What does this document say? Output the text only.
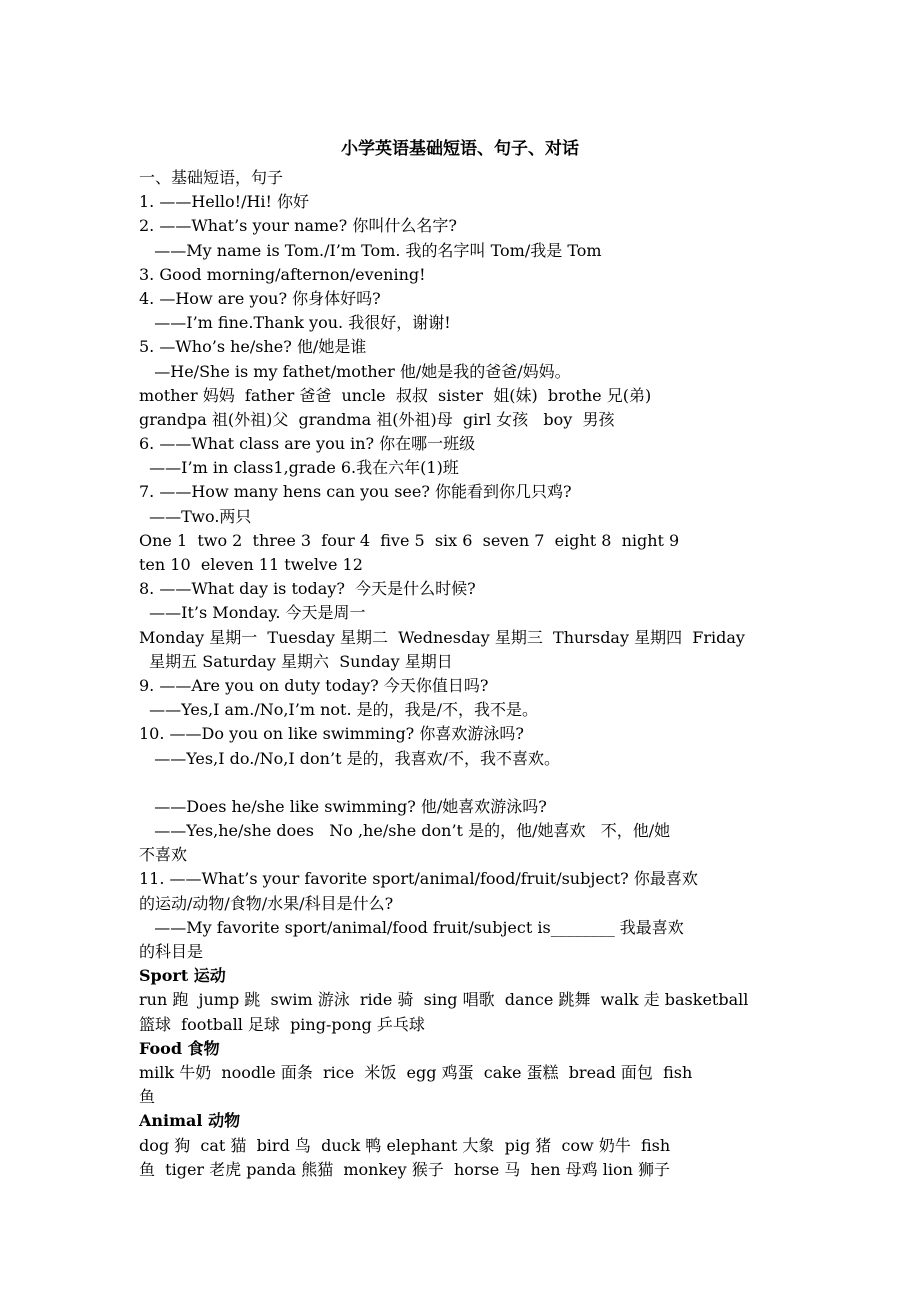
小学英语基础短语、句子、对话
一、基础短语，句子
1. ——Hello!/Hi! 你好
2. ——What’s your name? 你叫什么名字?
——My name is Tom./I’m Tom. 我的名字叫 Tom/我是 Tom
3. Good morning/afternon/evening!
4. —How are you? 你身体好吗?
——I’m fine.Thank you. 我很好，谢谢!
5. —Who’s he/she? 他/她是谁
—He/She is my fathet/mother 他/她是我的爸爸/妈妈。
mother 妈妈  father 爸爸  uncle  叔叔  sister  姐(妹)  brothe 兄(弟)
grandpa 祖(外祖)父  grandma 祖(外祖)母  girl 女孩   boy  男孩
6. ——What class are you in? 你在哪一班级
——I’m in class1,grade 6.我在六年(1)班
7. ——How many hens can you see? 你能看到你几只鸡?
——Two.两只
One 1  two 2  three 3  four 4  five 5  six 6  seven 7  eight 8  night 9
ten 10  eleven 11 twelve 12
8. ——What day is today?  今天是什么时候?
——It’s Monday. 今天是周一
Monday 星期一  Tuesday 星期二  Wednesday 星期三  Thursday 星期四  Friday
星期五 Saturday 星期六  Sunday 星期日
9. ——Are you on duty today? 今天你值日吗?
——Yes,I am./No,I’m not. 是的，我是/不，我不是。
10. ——Do you on like swimming? 你喜欢游泳吗?
——Yes,I do./No,I don’t 是的，我喜欢/不，我不喜欢。
——Does he/she like swimming? 他/她喜欢游泳吗?
——Yes,he/she does   No ,he/she don’t 是的，他/她喜欢   不，他/她
不喜欢
11. ——What’s your favorite sport/animal/food/fruit/subject? 你最喜欢
的运动/动物/食物/水果/科目是什么?
——My favorite sport/animal/food fruit/subject is________ 我最喜欢
的科目是
Sport 运动
run 跑  jump 跳  swim 游泳  ride 骑  sing 唱歌  dance 跳舞  walk 走 basketball
篮球  football 足球  ping-pong 乒乓球
Food 食物
milk 牛奶  noodle 面条  rice  米饭  egg 鸡蛋  cake 蛋糕  bread 面包  fish
鱼
Animal 动物
dog 狗  cat 猫  bird 鸟  duck 鸭 elephant 大象  pig 猪  cow 奶牛  fish
鱼  tiger 老虎 panda 熊猫  monkey 猴子  horse 马  hen 母鸡 lion 狮子
